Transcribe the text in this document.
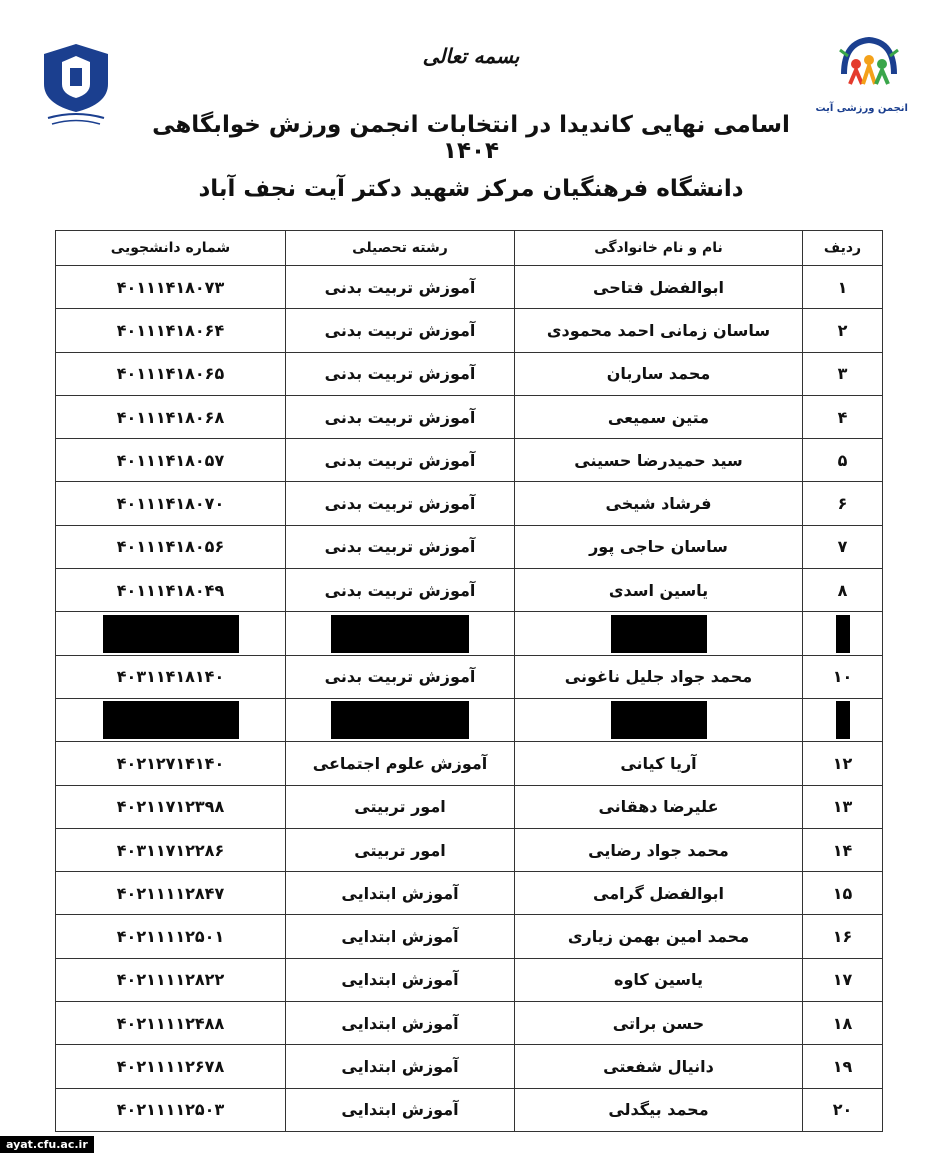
انجمن ورزشی آیت
بسمه تعالی
اسامی نهایی کاندیدا در انتخابات انجمن ورزش خوابگاهی ۱۴۰۴
دانشگاه فرهنگیان مرکز شهید دکتر آیت نجف آباد
ردیف	نام و نام خانوادگی	رشته تحصیلی	شماره دانشجویی
۱	ابوالفضل فتاحی	آموزش تربیت بدنی	۴۰۱۱۱۴۱۸۰۷۳
۲	ساسان زمانی احمد محمودی	آموزش تربیت بدنی	۴۰۱۱۱۴۱۸۰۶۴
۳	محمد ساربان	آموزش تربیت بدنی	۴۰۱۱۱۴۱۸۰۶۵
۴	متین سمیعی	آموزش تربیت بدنی	۴۰۱۱۱۴۱۸۰۶۸
۵	سید حمیدرضا حسینی	آموزش تربیت بدنی	۴۰۱۱۱۴۱۸۰۵۷
۶	فرشاد شیخی	آموزش تربیت بدنی	۴۰۱۱۱۴۱۸۰۷۰
۷	ساسان حاجی پور	آموزش تربیت بدنی	۴۰۱۱۱۴۱۸۰۵۶
۸	یاسین اسدی	آموزش تربیت بدنی	۴۰۱۱۱۴۱۸۰۴۹

۱۰	محمد جواد جلیل ناغونی	آموزش تربیت بدنی	۴۰۳۱۱۴۱۸۱۴۰

۱۲	آریا کیانی	آموزش علوم اجتماعی	۴۰۲۱۲۷۱۴۱۴۰
۱۳	علیرضا دهقانی	امور تربیتی	۴۰۲۱۱۷۱۲۳۹۸
۱۴	محمد جواد رضایی	امور تربیتی	۴۰۳۱۱۷۱۲۲۸۶
۱۵	ابوالفضل گرامی	آموزش ابتدایی	۴۰۲۱۱۱۱۲۸۴۷
۱۶	محمد امین بهمن زیاری	آموزش ابتدایی	۴۰۲۱۱۱۱۲۵۰۱
۱۷	یاسین کاوه	آموزش ابتدایی	۴۰۲۱۱۱۱۲۸۲۲
۱۸	حسن براتی	آموزش ابتدایی	۴۰۲۱۱۱۱۲۴۸۸
۱۹	دانیال شفعتی	آموزش ابتدایی	۴۰۲۱۱۱۱۲۶۷۸
۲۰	محمد بیگدلی	آموزش ابتدایی	۴۰۲۱۱۱۱۲۵۰۳
ayat.cfu.ac.ir
